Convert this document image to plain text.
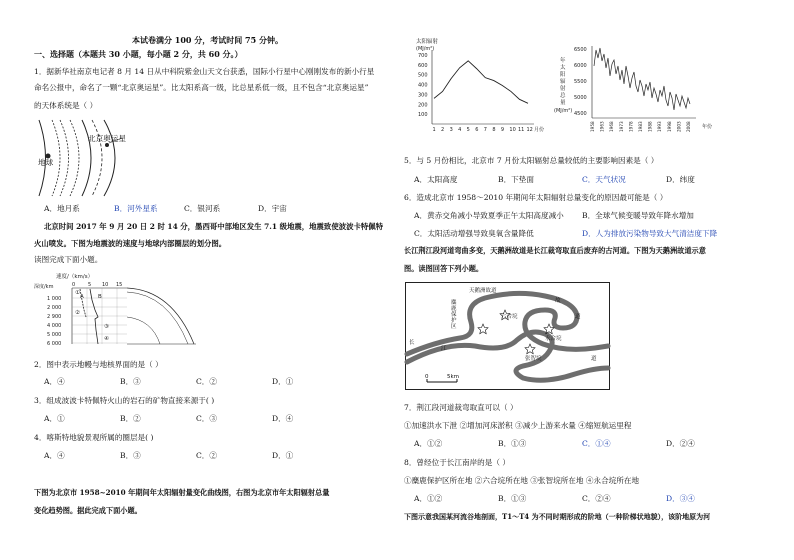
本试卷满分 100 分，考试时间 75 分钟。
一、选择题（本题共 30 小题，每小题 2 分，共 60 分。）
1．据新华社南京电记者 8 月 14 日从中科院紫金山天文台获悉，国际小行星中心刚刚发布的新小行星
命名公报中，命名了一颗“北京奥运星”。比太阳系高一级，比总星系低一级，且不包含“北京奥运星”
的天体系统是（ ）
北京奥运星
地球
A．地月系	B．河外星系	C．银河系	D．宇宙
北京时间 2017 年 9 月 20 日 2 时 14 分，墨西哥中部地区发生 7.1 级地震，地震致使波波卡特佩特
火山喷发。下图为地震波的速度与地球内部圈层的划分图。
读图完成下面小题。
速度/（km/s）
0	5 10 15
1 000
2 000
2 900
4 000
5 000
6 000
A	B
①
②
③
④
深度/km
2．图中表示地幔与地核界面的是（ ）
A．④	B．③	C．②	D．①
3．组成波波卡特佩特火山的岩石的矿物直接来源于( )
A．①	B．②	C．③	D．④
4．喀斯特地貌景观所属的圈层是( )
A．④	B．③	C．②	D．①
下图为北京市 1958~2010 年期间年太阳辐射量变化曲线图，右图为北京市年太阳辐射总量
变化趋势图。据此完成下面小题。
太阳辐射
(MJ/m²)
700
600
500
400
300
200
100
1 2 3 4 5 6 7 8 9 10 11 12 月份
年
太
阳
辐
射
总
量
年太阳辐射总量
(MJ/m²)
6500
6000
5500
5000
4500
1958 1963 1968 1973 1978 1983 1988 1993 1998 2003 2008 年份
5．与 5 月份相比，北京市 7 月份太阳辐射总量较低的主要影响因素是（ ）
A．太阳高度	B．下垫面	C．天气状况	D．纬度
6．造成北京市 1958～2010 年期间年太阳辐射总量变化的原因最可能是（ ）
A．黄赤交角减小导致夏季正午太阳高度减小 B．全球气候变暖导致年降水增加
C．太阳活动增强导致臭氧含量降低	D．人为排放污染物导致大气清洁度下降
长江荆江段河道弯曲多变，天鹅洲故道是长江裁弯取直后废弃的古河道。下图为天鹅洲故道示意
图。读图回答下列小题。
天鹅洲故道
麋
鹿
保
护
区
六合垸
永合垸
张智垸
江
故
道
道
长
0	5km
7．荆江段河道裁弯取直可以（ ）
①加速洪水下泄 ②增加河床淤积 ③减少上游来水量 ④缩短航运里程
A．①②	B．①③	C．①④	D．②④
8．曾经位于长江南岸的是（ ）
①麋鹿保护区所在地 ②六合垸所在地 ③张智垸所在地 ④永合垸所在地
A．①②	B．①③	C．②④	D．③④
下图示意我国某河流谷地剖面，T1～T4 为不同时期形成的阶地（一种阶梯状地貌），该阶地原为河
